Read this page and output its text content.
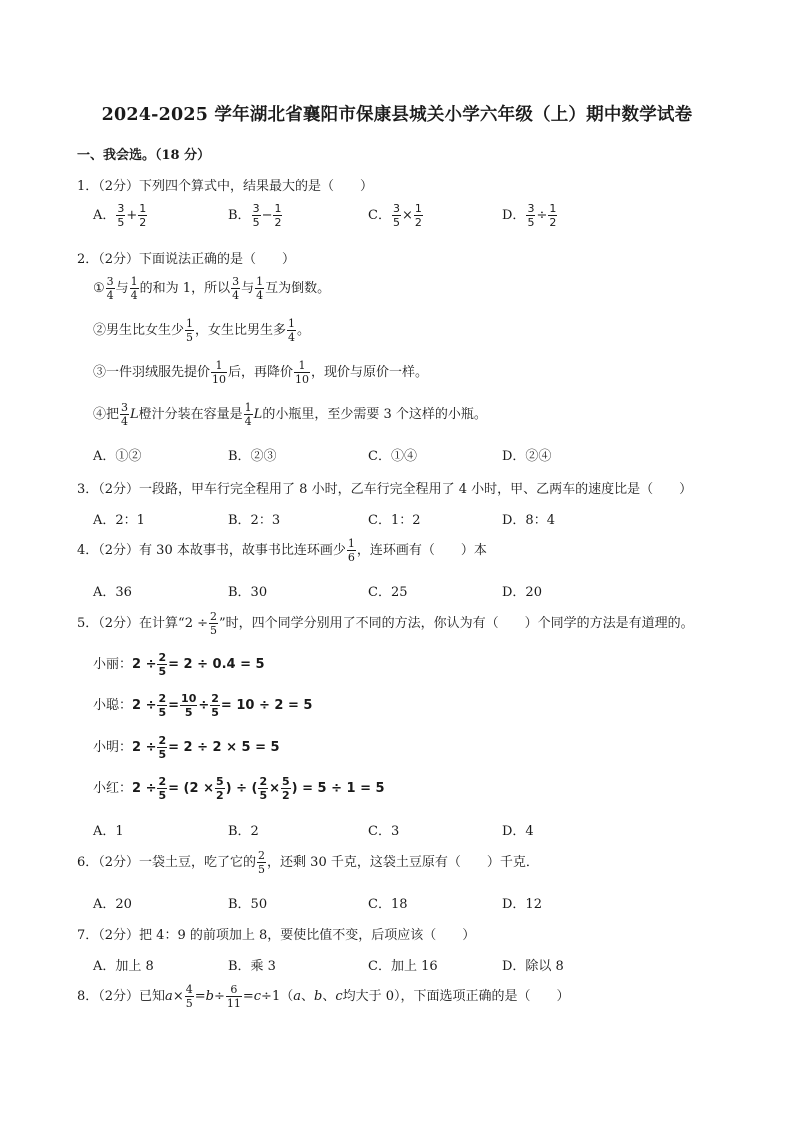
2024-2025 学年湖北省襄阳市保康县城关小学六年级（上）期中数学试卷
一、我会选。（18 分）
1．（2分）下列四个算式中，结果最大的是（　　）
A． $\frac{3}{5} + \frac{1}{2}$	B． $\frac{3}{5} - \frac{1}{2}$	C． $\frac{3}{5} \times \frac{1}{2}$	D． $\frac{3}{5} \div \frac{1}{2}$
2．（2分）下面说法正确的是（　　）
① $\frac{3}{4}$ 与 $\frac{1}{4}$ 的和为 1，所以 $\frac{3}{4}$ 与 $\frac{1}{4}$ 互为倒数。
②男生比女生少 $\frac{1}{5}$ ，女生比男生多 $\frac{1}{4}$ 。
③一件羽绒服先提价 $\frac{1}{10}$ 后，再降价 $\frac{1}{10}$ ，现价与原价一样。
④把 $\frac{3}{4}$ L橙汁分装在容量是 $\frac{1}{4}$ L的小瓶里，至少需要 3 个这样的小瓶。
A．①②	B．②③	C．①④	D．②④
3．（2分）一段路，甲车行完全程用了 8 小时，乙车行完全程用了 4 小时，甲、乙两车的速度比是（　　）
A．2：1	B．2：3	C．1：2	D．8：4
4．（2分）有 30 本故事书，故事书比连环画少 $\frac{1}{6}$ ，连环画有（　　）本
A．36	B．30	C．25	D．20
5．（2分）在计算“$2 \div \frac{2}{5}$ ”时，四个同学分别用了不同的方法，你认为有（　　）个同学的方法是有道理的。
小丽：$2 \div \frac{2}{5} = 2 \div 0.4 = 5$
小聪：$2 \div \frac{2}{5} = \frac{10}{5} \div \frac{2}{5} = 10 \div 2 = 5$
小明：$2 \div \frac{2}{5} = 2 \div 2 \times 5 = 5$
小红：$2 \div \frac{2}{5} = (2 \times \frac{5}{2}$ ) ÷ ( $\frac{2}{5} \times \frac{5}{2}$ ) = 5 ÷ 1 = 5
A．1	B．2	C．3	D．4
6．（2分）一袋土豆，吃了它的 $\frac{2}{5}$ ，还剩 30 千克，这袋土豆原有（　　）千克．
A．20	B．50	C．18	D．12
7．（2分）把 4：9 的前项加上 8，要使比值不变，后项应该（　　）
A．加上 8	B．乘 3	C．加上 16	D．除以 8
8．（2分）已知$a\times \frac{4}{5} =b\div \frac{6}{11} =c\div 1(a$、b、c均大于 0），下面选项正确的是（　　）
